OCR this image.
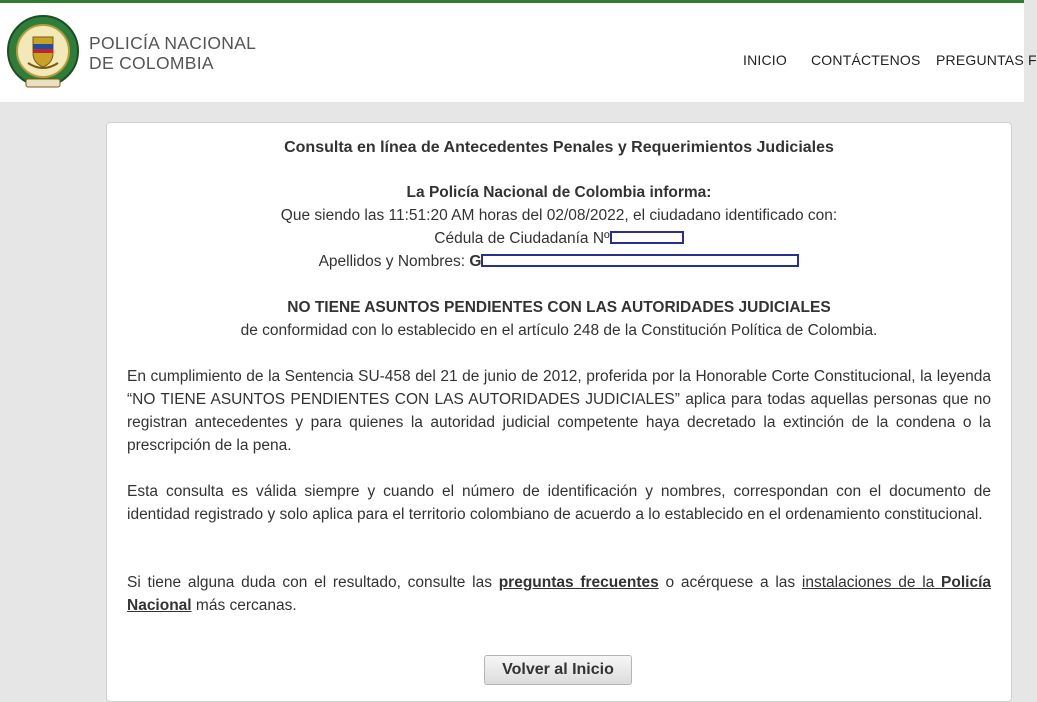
POLICÍA NACIONAL
DE COLOMBIA	INICIO CONTÁCTENOS PREGUNTAS F
Consulta en línea de Antecedentes Penales y Requerimientos Judiciales
La Policía Nacional de Colombia informa:
Que siendo las 11:51:20 AM horas del 02/08/2022, el ciudadano identificado con:
Cédula de Ciudadanía Nº
Apellidos y Nombres: G
NO TIENE ASUNTOS PENDIENTES CON LAS AUTORIDADES JUDICIALES
de conformidad con lo establecido en el artículo 248 de la Constitución Política de Colombia.
En cumplimiento de la Sentencia SU-458 del 21 de junio de 2012, proferida por la Honorable Corte Constitucional, la leyenda “NO TIENE ASUNTOS PENDIENTES CON LAS AUTORIDADES JUDICIALES” aplica para todas aquellas personas que no registran antecedentes y para quienes la autoridad judicial competente haya decretado la extinción de la condena o la prescripción de la pena.
Esta consulta es válida siempre y cuando el número de identificación y nombres, correspondan con el documento de identidad registrado y solo aplica para el territorio colombiano de acuerdo a lo establecido en el ordenamiento constitucional.
Si tiene alguna duda con el resultado, consulte las preguntas frecuentes o acérquese a las instalaciones de la Policía Nacional más cercanas.
Volver al Inicio
